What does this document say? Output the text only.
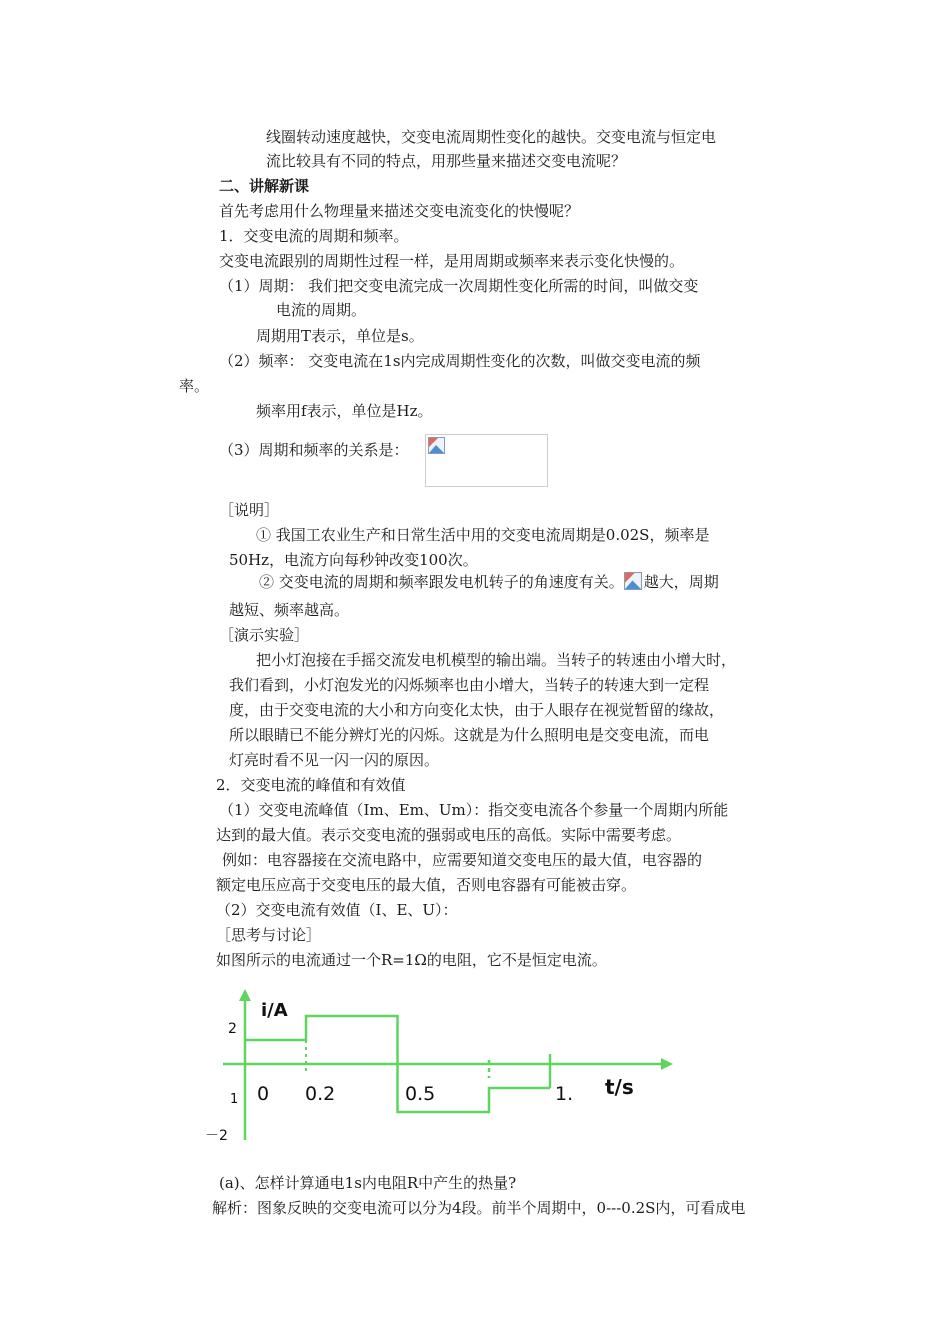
线圈转动速度越快，交变电流周期性变化的越快。交变电流与恒定电
流比较具有不同的特点，用那些量来描述交变电流呢？
二、讲解新课
首先考虑用什么物理量来描述交变电流变化的快慢呢？
1．交变电流的周期和频率。
交变电流跟别的周期性过程一样，是用周期或频率来表示变化快慢的。
（1）周期： 我们把交变电流完成一次周期性变化所需的时间，叫做交变
电流的周期。
周期用T表示，单位是s。
（2）频率： 交变电流在1s内完成周期性变化的次数，叫做交变电流的频
率。
频率用f表示，单位是Hz。
（3）周期和频率的关系是：
［说明］
① 我国工农业生产和日常生活中用的交变电流周期是0.02S，频率是
50Hz，电流方向每秒钟改变100次。
② 交变电流的周期和频率跟发电机转子的角速度有关。 越大，周期
越短、频率越高。
［演示实验］
把小灯泡接在手摇交流发电机模型的输出端。当转子的转速由小增大时，
我们看到，小灯泡发光的闪烁频率也由小增大，当转子的转速大到一定程
度，由于交变电流的大小和方向变化太快，由于人眼存在视觉暂留的缘故，
所以眼睛已不能分辨灯光的闪烁。这就是为什么照明电是交变电流，而电
灯亮时看不见一闪一闪的原因。
2．交变电流的峰值和有效值
（1）交变电流峰值（Im、Em、Um）：指交变电流各个参量一个周期内所能
达到的最大值。表示交变电流的强弱或电压的高低。实际中需要考虑。
例如：电容器接在交流电路中，应需要知道交变电压的最大值，电容器的
额定电压应高于交变电压的最大值，否则电容器有可能被击穿。
（2）交变电流有效值（I、E、U）：
［思考与讨论］
如图所示的电流通过一个R=1Ω的电阻，它不是恒定电流。
i/A
t/s
0 0.2	0.5	1.
2
1
－2
(a)、怎样计算通电1s内电阻R中产生的热量?
解析：图象反映的交变电流可以分为4段。前半个周期中，0---0.2S内，可看成电
